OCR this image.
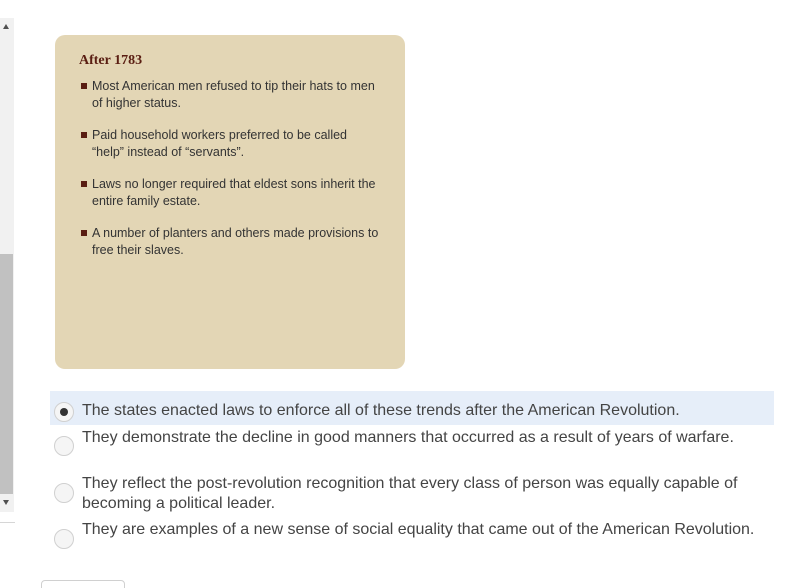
After 1783
Most American men refused to tip their hats to men of higher status.
Paid household workers preferred to be called “help” instead of “servants”.
Laws no longer required that eldest sons inherit the entire family estate.
A number of planters and others made provisions to free their slaves.
The states enacted laws to enforce all of these trends after the American Revolution.
They demonstrate the decline in good manners that occurred as a result of years of warfare.
They reflect the post-revolution recognition that every class of person was equally capable of becoming a political leader.
They are examples of a new sense of social equality that came out of the American Revolution.
